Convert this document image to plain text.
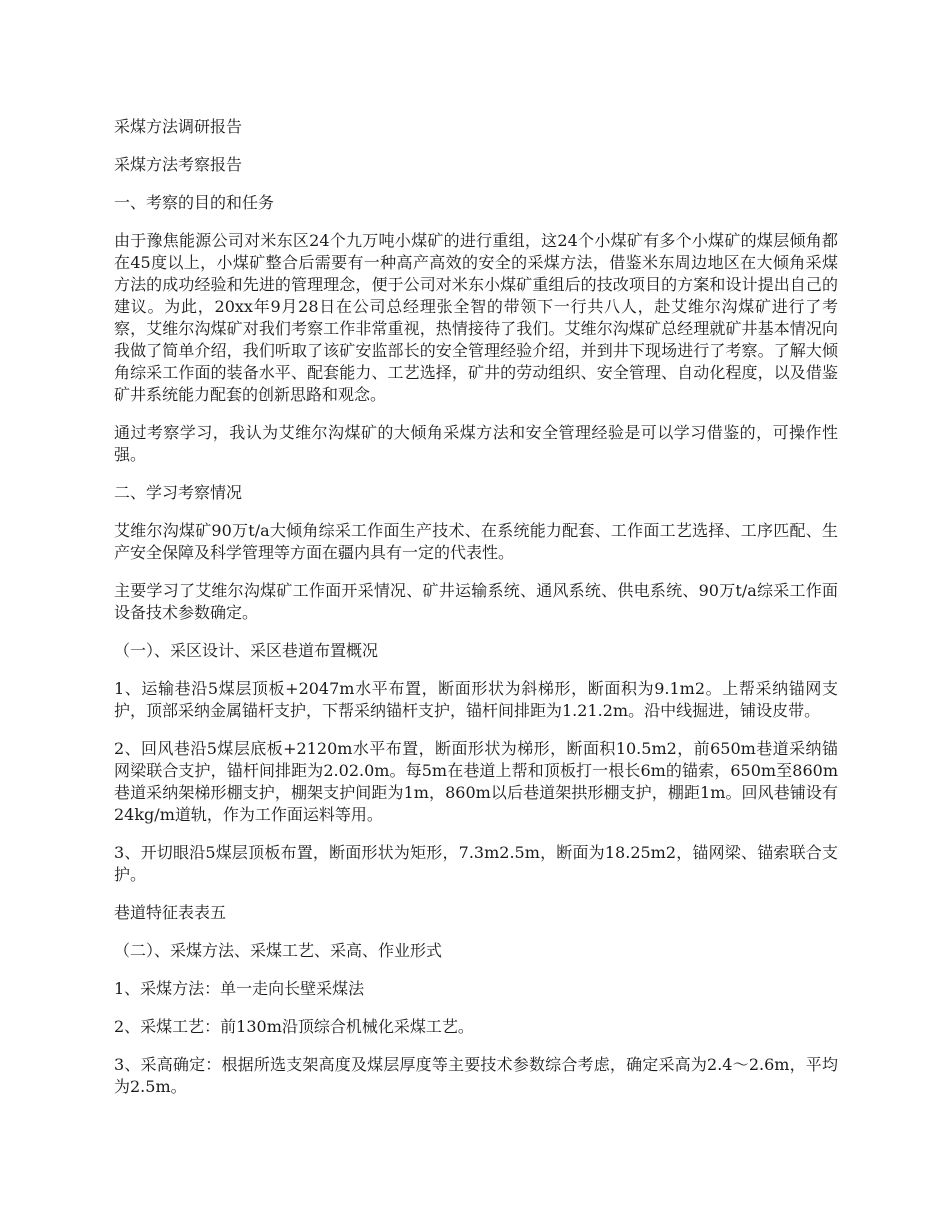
采煤方法调研报告

采煤方法考察报告

一、考察的目的和任务

由于豫焦能源公司对米东区24个九万吨小煤矿的进行重组，这24个小煤矿有多个小煤矿的煤层倾角都在45度以上，小煤矿整合后需要有一种高产高效的安全的采煤方法，借鉴米东周边地区在大倾角采煤方法的成功经验和先进的管理理念，便于公司对米东小煤矿重组后的技改项目的方案和设计提出自己的建议。为此，20xx年9月28日在公司总经理张全智的带领下一行共八人，赴艾维尔沟煤矿进行了考察，艾维尔沟煤矿对我们考察工作非常重视，热情接待了我们。艾维尔沟煤矿总经理就矿井基本情况向我做了简单介绍，我们听取了该矿安监部长的安全管理经验介绍，并到井下现场进行了考察。了解大倾角综采工作面的装备水平、配套能力、工艺选择，矿井的劳动组织、安全管理、自动化程度，以及借鉴矿井系统能力配套的创新思路和观念。

通过考察学习，我认为艾维尔沟煤矿的大倾角采煤方法和安全管理经验是可以学习借鉴的，可操作性强。

二、学习考察情况

艾维尔沟煤矿90万t/a大倾角综采工作面生产技术、在系统能力配套、工作面工艺选择、工序匹配、生产安全保障及科学管理等方面在疆内具有一定的代表性。

主要学习了艾维尔沟煤矿工作面开采情况、矿井运输系统、通风系统、供电系统、90万t/a综采工作面设备技术参数确定。

（一）、采区设计、采区巷道布置概况

1、运输巷沿5煤层顶板+2047m水平布置，断面形状为斜梯形，断面积为9.1m2。上帮采纳锚网支护，顶部采纳金属锚杆支护，下帮采纳锚杆支护，锚杆间排距为1.21.2m。沿中线掘进，铺设皮带。

2、回风巷沿5煤层底板+2120m水平布置，断面形状为梯形，断面积10.5m2，前650m巷道采纳锚网梁联合支护，锚杆间排距为2.02.0m。每5m在巷道上帮和顶板打一根长6m的锚索，650m至860m巷道采纳架梯形棚支护，棚架支护间距为1m，860m以后巷道架拱形棚支护，棚距1m。回风巷铺设有24kg/m道轨，作为工作面运料等用。

3、开切眼沿5煤层顶板布置，断面形状为矩形，7.3m2.5m，断面为18.25m2，锚网梁、锚索联合支护。

巷道特征表表五

（二）、采煤方法、采煤工艺、采高、作业形式

1、采煤方法：单一走向长壁采煤法

2、采煤工艺：前130m沿顶综合机械化采煤工艺。

3、采高确定：根据所选支架高度及煤层厚度等主要技术参数综合考虑，确定采高为2.4～2.6m，平均为2.5m。
